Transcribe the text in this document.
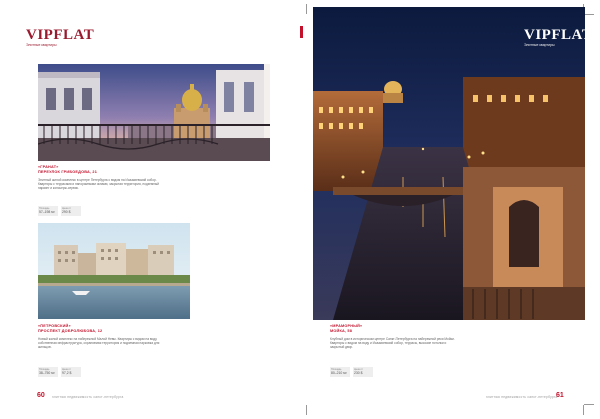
VIPFLAT
Элитные квартиры
«ГРАНАТ»
ПЕРЕУЛОК ГРИБОЕДОВА, 21
Элитный жилой комплекс в центре Петербурга с видом на Исаакиевский собор. Квартиры с террасами и панорамными окнами, закрытая территория, подземный паркинг и консьерж-сервис.
Площадь
57–198 м²
Цена от
290 $
«ПЕТРОВСКИЙ»
ПРОСПЕКТ ДОБРОЛЮБОВА, 12
Новый жилой комплекс на набережной Малой Невы. Квартиры с видом на воду, собственная инфраструктура, охраняемая территория и подземная парковка для жильцов.
Площадь
38–750 м²
Цена от
97,2 $
60 элитная недвижимость санкт-петербурга
VIPFLAT
Элитные квартиры
«МРАМОРНЫЙ»
МОЙКА, 58
Клубный дом в историческом центре Санкт-Петербурга на набережной реки Мойки. Квартиры с видом на воду и Исаакиевский собор, террасы, высокие потолки и закрытый двор.
Площадь
80–210 м²
Цена от
230 $
элитная недвижимость санкт-петербурга
61
